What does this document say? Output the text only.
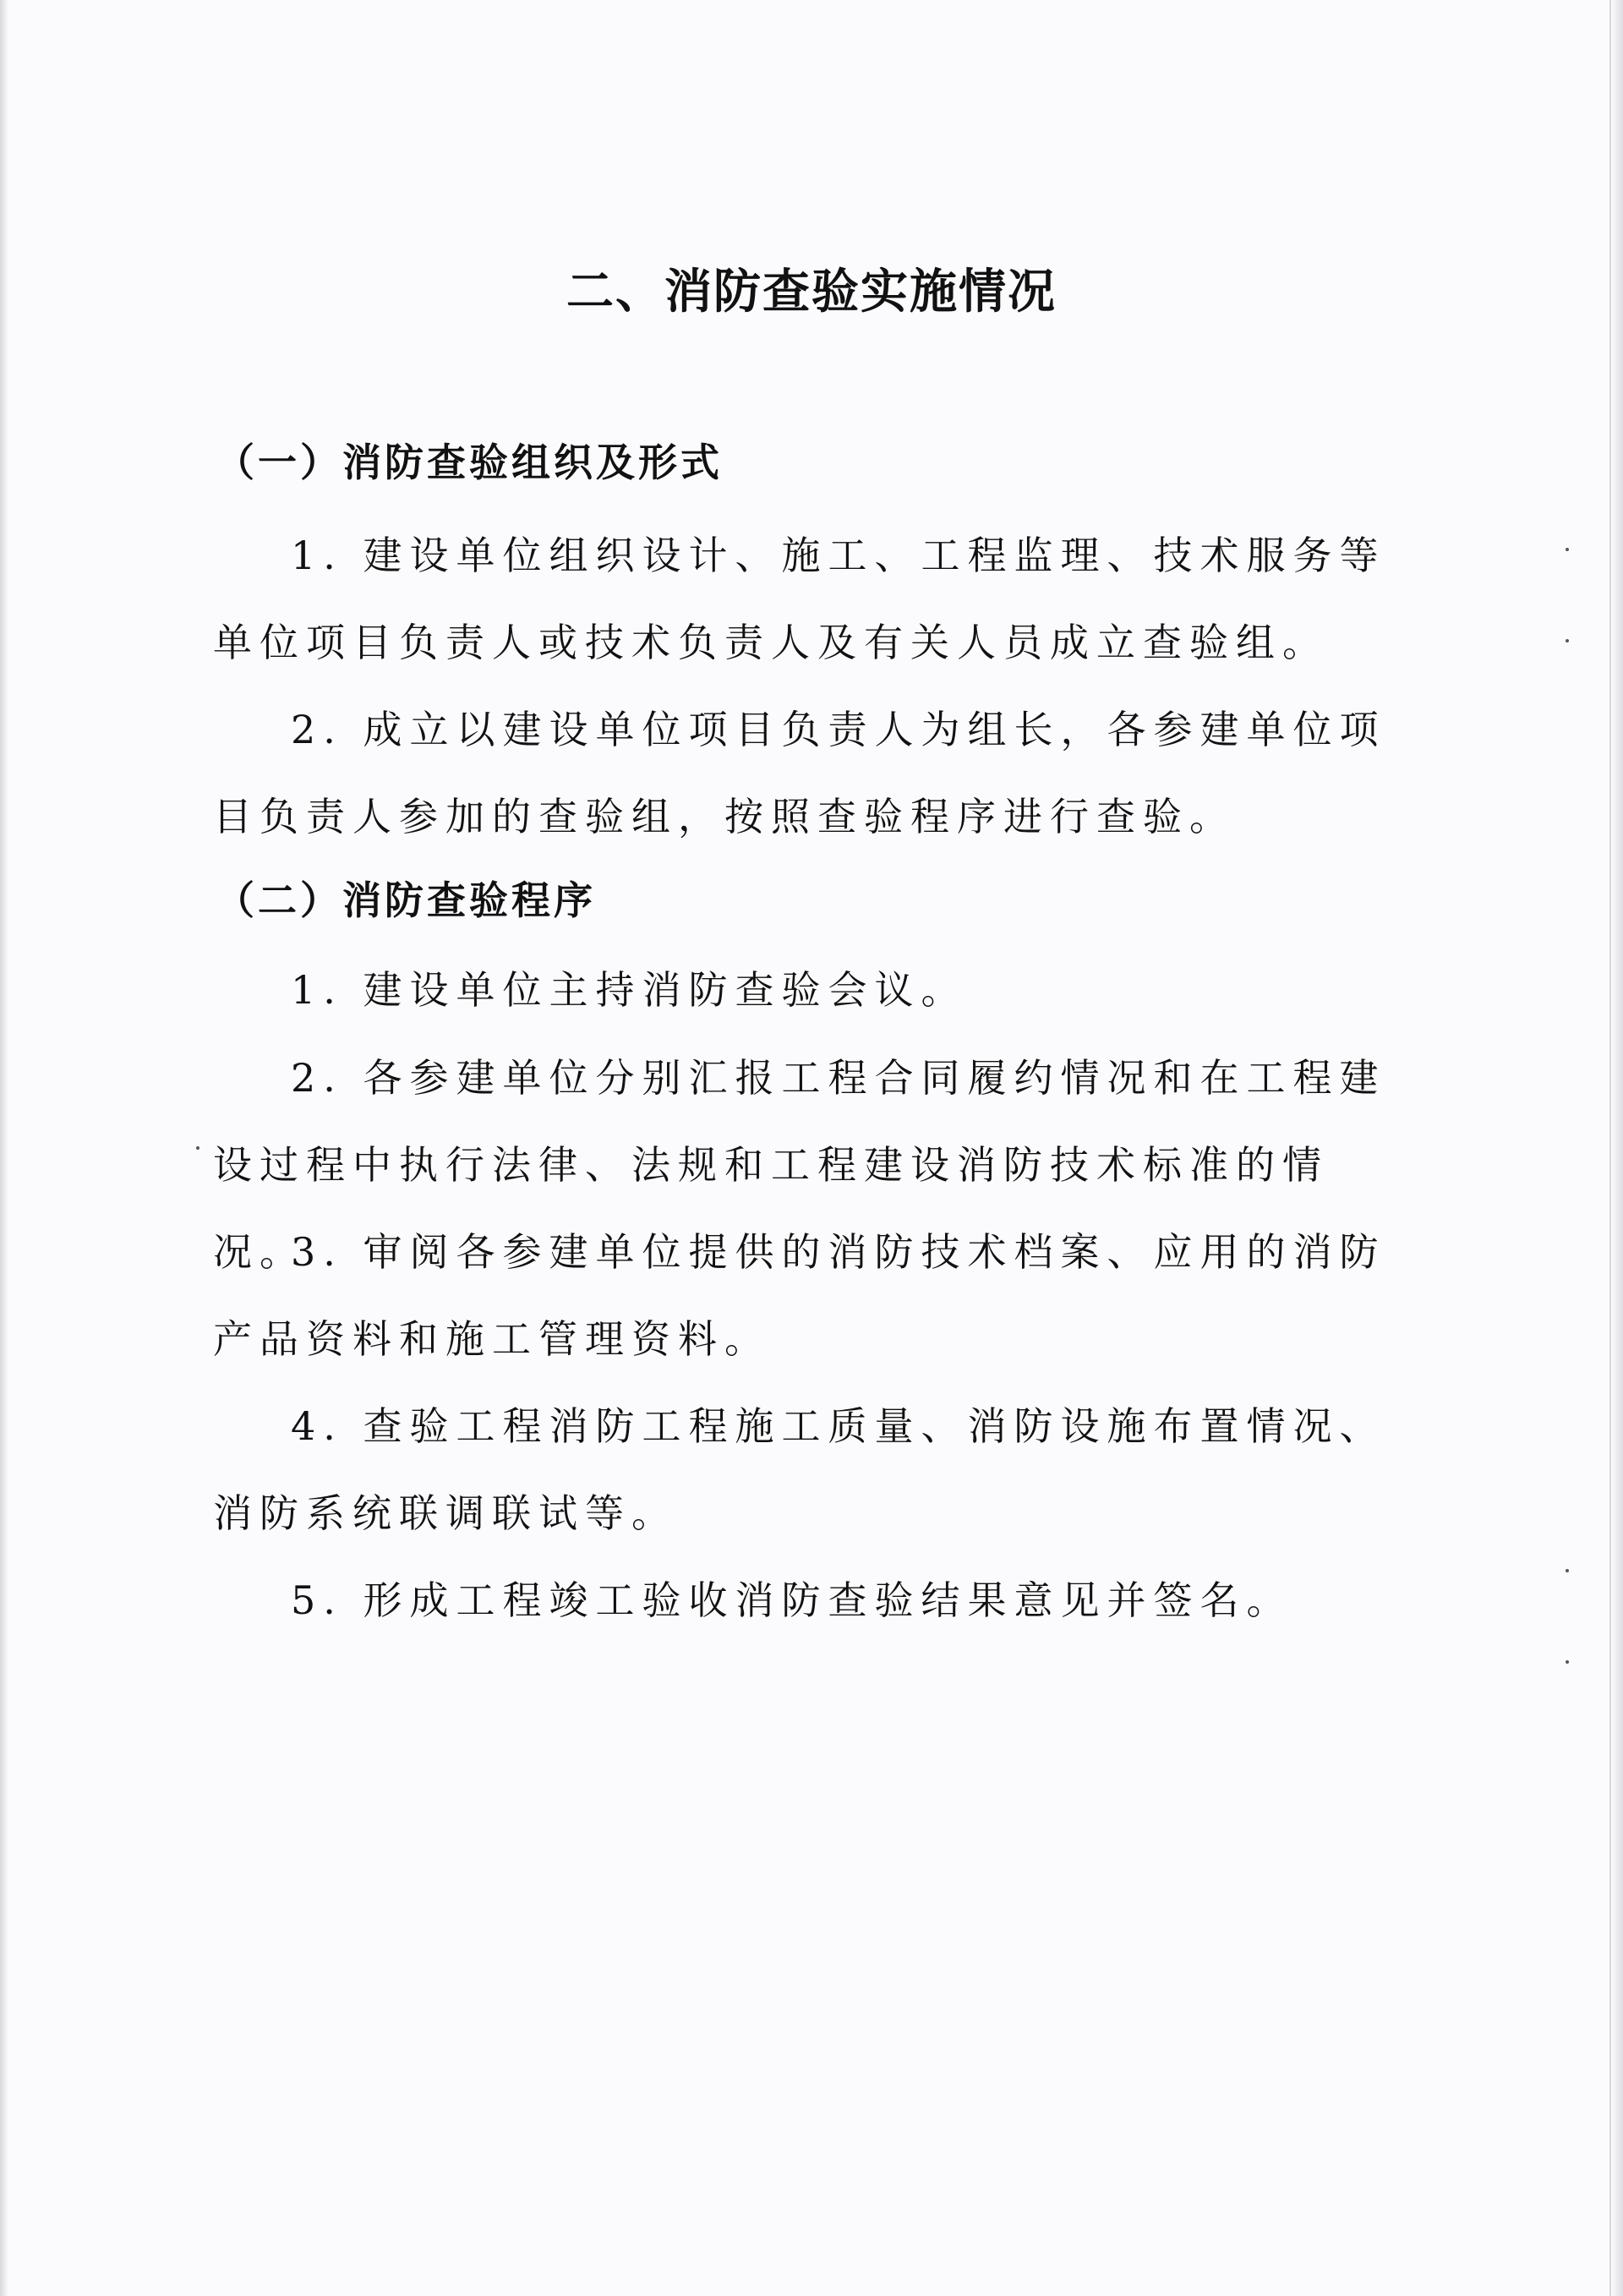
二、消防查验实施情况
（一）消防查验组织及形式

1. 建设单位组织设计、施工、工程监理、技术服务等单位项目负责人或技术负责人及有关人员成立查验组。

2. 成立以建设单位项目负责人为组长，各参建单位项目负责人参加的查验组，按照查验程序进行查验。

（二）消防查验程序

1. 建设单位主持消防查验会议。

2. 各参建单位分别汇报工程合同履约情况和在工程建设过程中执行法律、法规和工程建设消防技术标准的情况。

3. 审阅各参建单位提供的消防技术档案、应用的消防产品资料和施工管理资料。

4. 查验工程消防工程施工质量、消防设施布置情况、消防系统联调联试等。

5. 形成工程竣工验收消防查验结果意见并签名。
